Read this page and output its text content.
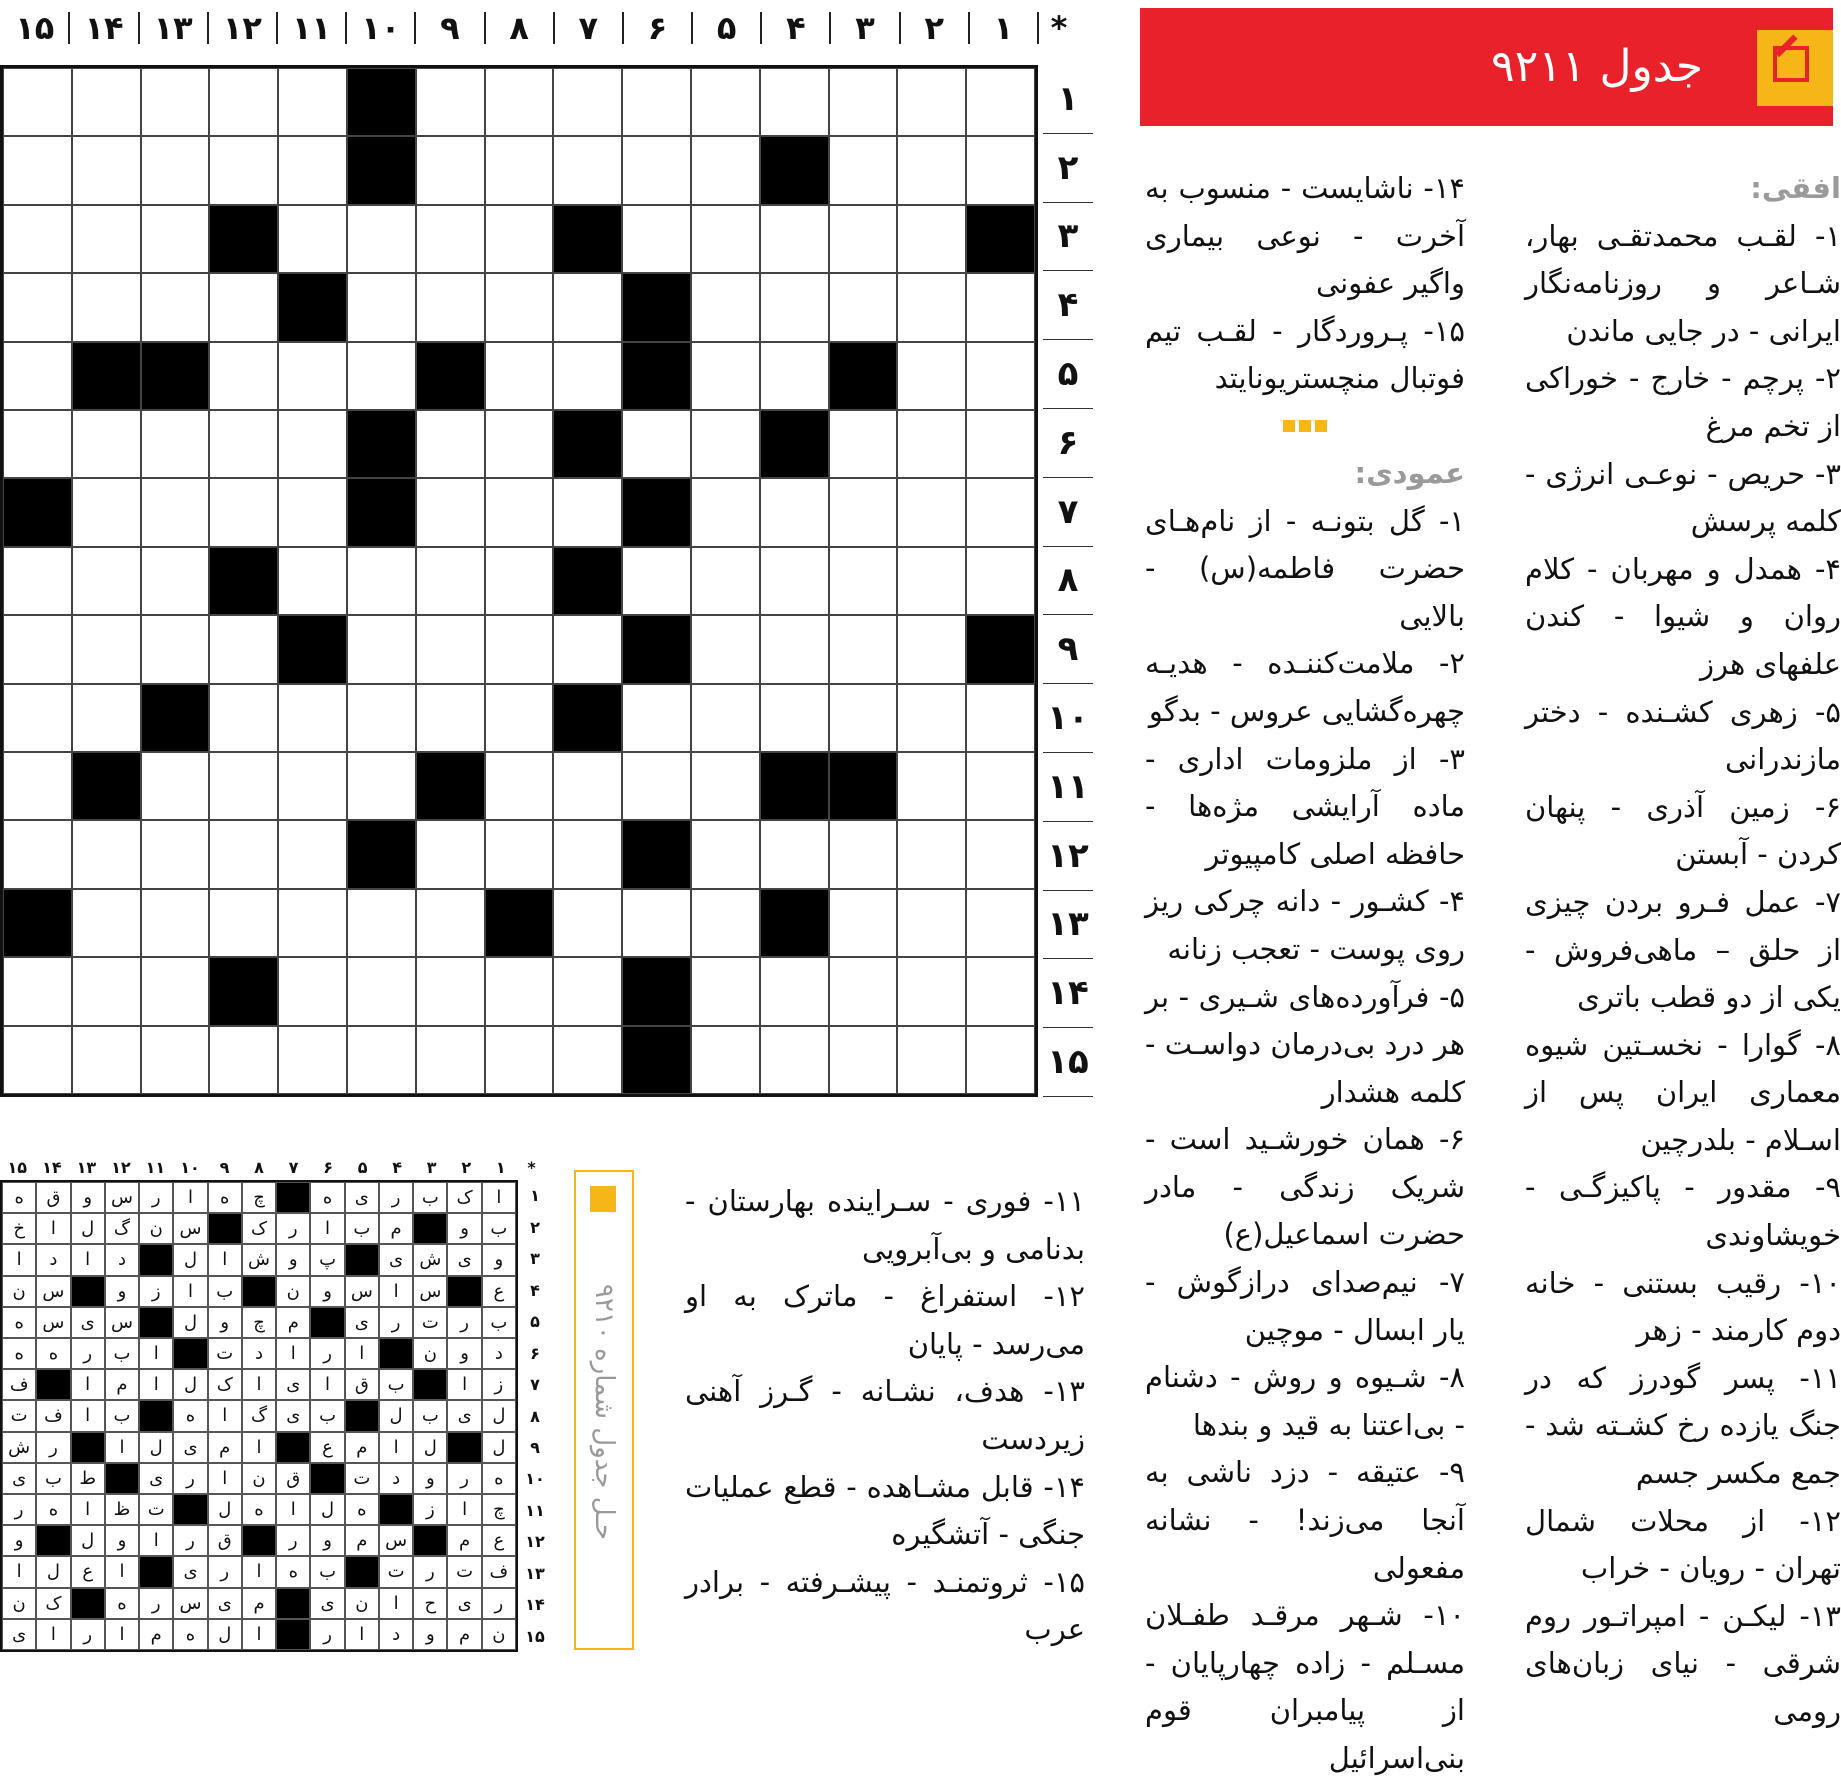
*
۱
۲
۳
۴
۵
۶
۷
۸
۹
۱۰
۱۱
۱۲
۱۳
۱۴
۱۵
۱
۲
۳
۴
۵
۶
۷
۸
۹
۱۰
۱۱
۱۲
۱۳
۱۴
۱۵
جدول ۹۲۱۱

افقی:

۱- لقـب محمدتقـی بهار، شـاعر و روزنامه‌نگار ایرانی - در جایی ماندن

۲- پرچم - خارج - خوراکی از تخم مرغ

۳- حریص - نوعـی انرژی - کلمه پرسش

۴- همدل و مهربان - کلام روان و شیوا - کندن علفهای هرز

۵- زهری کشـنده - دختر مازندرانی

۶- زمین آذری - پنهان کردن - آبستن

۷- عمل فـرو بردن چیزی از حلق – ماهی‌فروش - یکی از دو قطب باتری

۸- گوارا - نخسـتین شیوه معماری ایران پس از اسـلام - بلدرچین

۹- مقدور - پاکیزگـی - خویشاوندی

۱۰- رقیب بستنی - خانه دوم کارمند - زهر

۱۱- پسر گودرز که در جنگ یازده رخ کشـته شد - جمع مکسر جسم

۱۲- از محلات شمال تهران - رویان - خراب

۱۳- لیکـن - امپراتـور روم شرقی - نیای زبان‌های رومی

۱۴- ناشایست - منسوب به آخرت - نوعی بیماری واگیر عفونی

۱۵- پـروردگار - لقـب تیم فوتبال منچستریونایتد

عمودی:

۱- گل بتونـه - از نام‌هـای حضرت فاطمه(س) - بالایی

۲- ملامت‌کننـده - هدیـه چهره‌گشایی عروس - بدگو

۳- از ملزومات اداری - ماده آرایشی مژه‌ها - حافظه اصلی کامپیوتر

۴- کشـور - دانه چرکی ریز روی پوست - تعجب زنانه

۵- فرآورده‌های شـیری - بر هر درد بی‌درمان دواسـت - کلمه هشدار

۶- همان خورشـید است - شریک زندگی - مادر حضرت اسماعیل(ع)

۷- نیم‌صدای درازگوش - یار ابسال - موچین

۸- شـیوه و روش - دشنام - بی‌اعتنا به قید و بندها

۹- عتیقه - دزد ناشی به آنجا می‌زند! - نشانه مفعولی

۱۰- شـهر مرقـد طفـلان مسـلم - زاده چهارپایان - از پیامبران قوم بنی‌اسرائیل

۱۱- فوری - سـراینده بهارستان - بدنامی و بی‌آبرویی

۱۲- استفراغ - ماترک به او می‌رسد - پایان

۱۳- هدف، نشـانه - گـرز آهنی زیردست

۱۴- قابل مشـاهده - قطع عملیات جنگی - آتشگیره

۱۵- ثروتمنـد - پیشـرفته - برادر عرب

حـل جدول شماره ۹۲۱۰
*
۱
۲
۳
۴
۵
۶
۷
۸
۹
۱۰
۱۱
۱۲
۱۳
۱۴
۱۵
ا
ک
ب
ر
ی
ه
چ
ه
ا
ر
س
و
ق
ه
ب
و
م
ب
ا
ر
ک
س
ن
گ
ل
ا
خ
و
ی
ش
ی
پ
و
ش
ا
ل
د
ا
د
ا
ع
س
ا
س
و
ن
ب
ا
ز
و
س
ن
ب
ر
ت
ر
ی
م
چ
و
ل
س
ی
س
ه
د
و
ن
ا
ر
ا
د
ت
ا
ب
ر
ه
ه
ز
ا
ب
ق
ا
ی
ا
ک
ل
ا
م
ا
ف
ل
ی
ب
ل
ب
ی
گ
ا
ه
ب
ا
ف
ت
ل
ل
ا
م
ع
ا
م
ی
ل
ا
ر
ش
ه
ر
و
د
ت
ق
ن
ا
ر
ی
ط
ب
ی
چ
ا
ز
ه
ل
ا
ه
ل
ت
ظ
ا
ه
ر
ع
م
س
م
و
ر
ق
ر
ا
و
ل
و
ف
ت
ر
ت
ب
ه
ا
ر
ی
ا
ع
ل
ا
ر
ی
ح
ا
ن
ی
م
ی
س
ر
ه
ک
ن
ن
م
و
د
ا
ر
ا
ل
ه
م
ا
ر
ا
ی
۱
۲
۳
۴
۵
۶
۷
۸
۹
۱۰
۱۱
۱۲
۱۳
۱۴
۱۵
